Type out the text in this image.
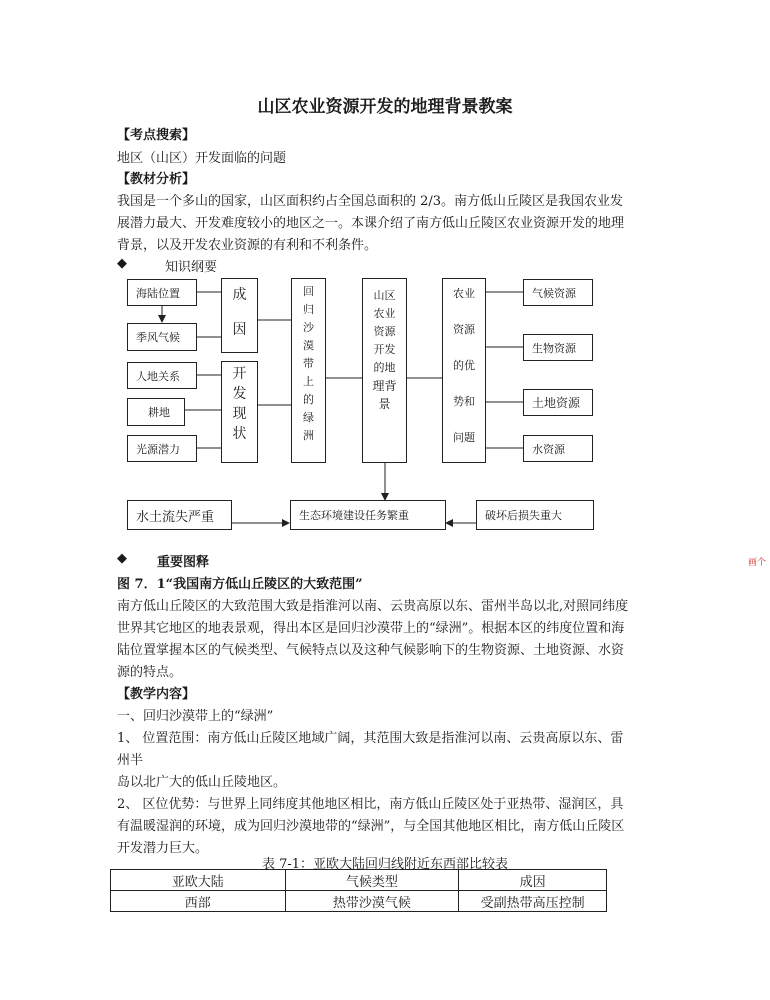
山区农业资源开发的地理背景教案
【考点搜索】
地区（山区）开发面临的问题
【教材分析】
我国是一个多山的国家，山区面积约占全国总面积的 2/3。南方低山丘陵区是我国农业发
展潜力最大、开发难度较小的地区之一。本课介绍了南方低山丘陵区农业资源开发的地理
背景，以及开发农业资源的有利和不利条件。
◆	知识纲要
海陆位置
季风气候
人地关系
耕地
光源潜力
成
因
开
发
现
状
回
归
沙
漠
带
上
的
绿
洲
山区
农业
资源
开发
的地
理背
景
农业
资源
的优
势和
问题
气候资源
生物资源
土地资源
水资源
水土流失严重	生态环境建设任务繁重	破坏后损失重大
◆ 重要图释	画个
图 7．1“我国南方低山丘陵区的大致范围”
南方低山丘陵区的大致范围大致是指淮河以南、云贵高原以东、雷州半岛以北,对照同纬度
世界其它地区的地表景观，得出本区是回归沙漠带上的“绿洲”。根据本区的纬度位置和海
陆位置掌握本区的气候类型、气候特点以及这种气候影响下的生物资源、土地资源、水资
源的特点。
【教学内容】
一、回归沙漠带上的“绿洲”
1、 位置范围：南方低山丘陵区地域广阔，其范围大致是指淮河以南、云贵高原以东、雷
州半
岛以北广大的低山丘陵地区。
2、 区位优势：与世界上同纬度其他地区相比，南方低山丘陵区处于亚热带、湿润区，具
有温暖湿润的环境，成为回归沙漠地带的“绿洲”，与全国其他地区相比，南方低山丘陵区
开发潜力巨大。
表 7-1：亚欧大陆回归线附近东西部比较表
亚欧大陆	气候类型	成因
西部	热带沙漠气候	受副热带高压控制
